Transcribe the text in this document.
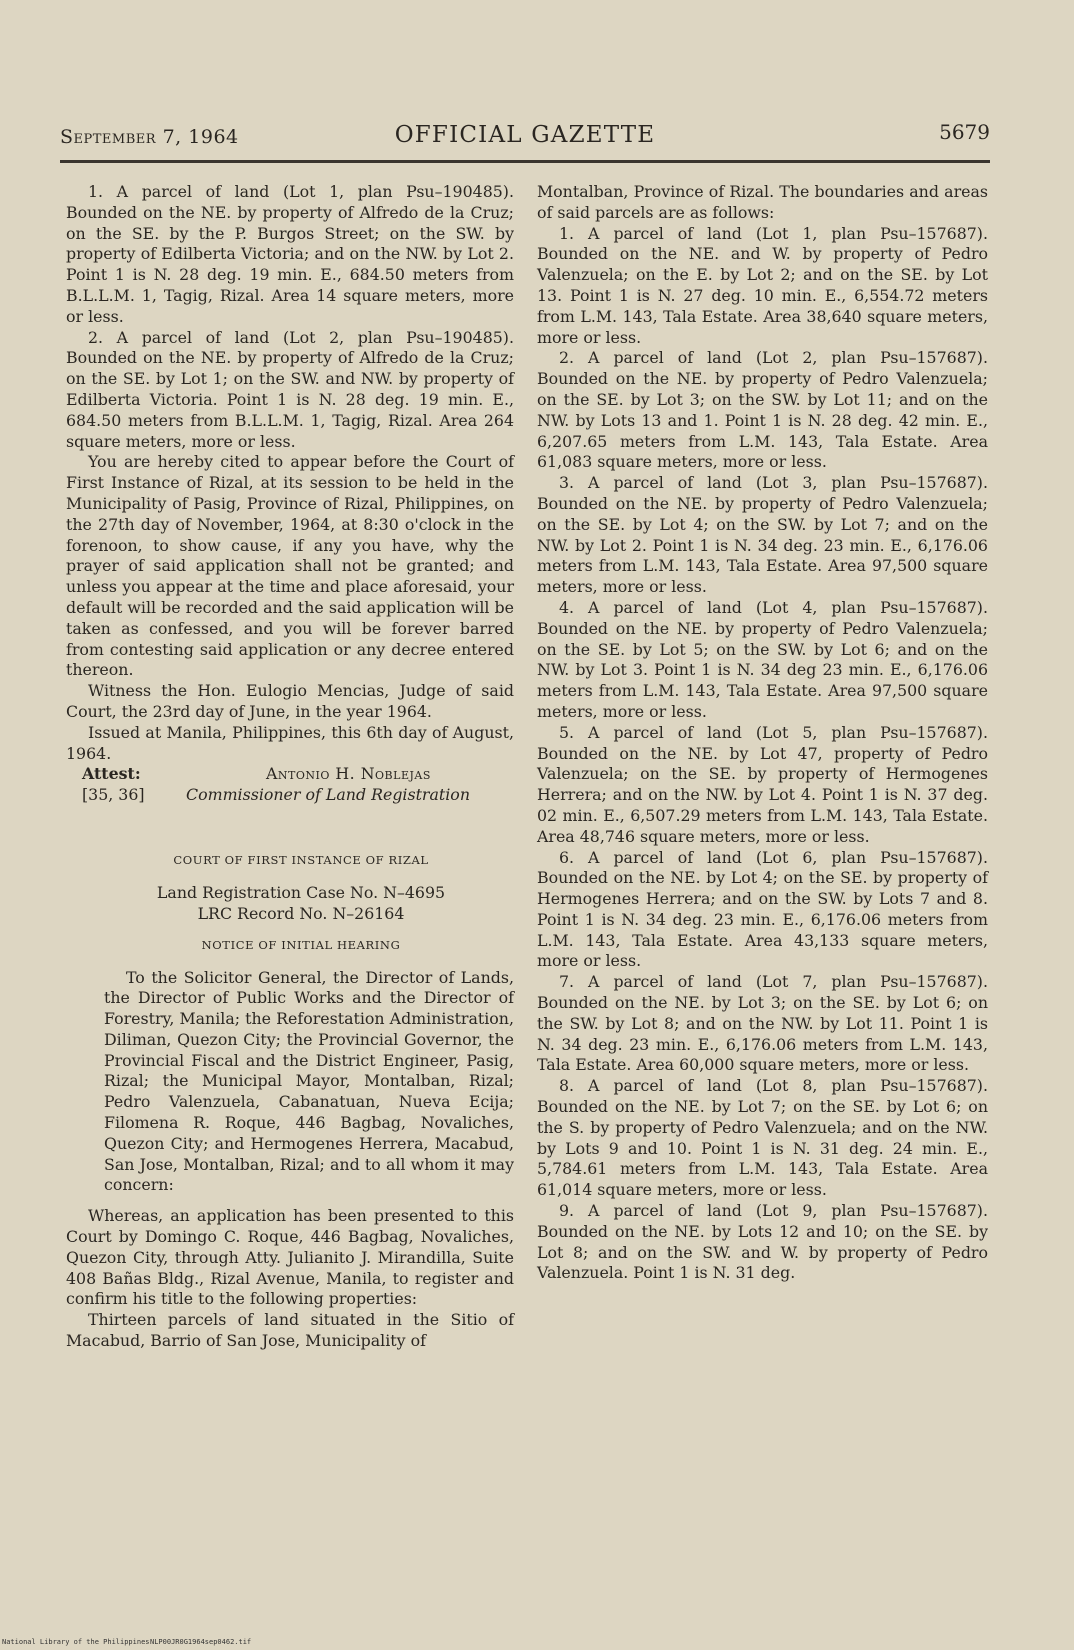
September 7, 1964	OFFICIAL GAZETTE	5679

1. A parcel of land (Lot 1, plan Psu–190485). Bounded on the NE. by property of Alfredo de la Cruz; on the SE. by the P. Burgos Street; on the SW. by property of Edilberta Victoria; and on the NW. by Lot 2. Point 1 is N. 28 deg. 19 min. E., 684.50 meters from B.L.L.M. 1, Tagig, Rizal. Area 14 square meters, more or less.

2. A parcel of land (Lot 2, plan Psu–190485). Bounded on the NE. by property of Alfredo de la Cruz; on the SE. by Lot 1; on the SW. and NW. by property of Edilberta Victoria. Point 1 is N. 28 deg. 19 min. E., 684.50 meters from B.L.L.M. 1, Tagig, Rizal. Area 264 square meters, more or less.

You are hereby cited to appear before the Court of First Instance of Rizal, at its session to be held in the Municipality of Pasig, Province of Rizal, Philippines, on the 27th day of November, 1964, at 8:30 o'clock in the forenoon, to show cause, if any you have, why the prayer of said application shall not be granted; and unless you appear at the time and place aforesaid, your default will be recorded and the said application will be taken as confessed, and you will be forever barred from contesting said application or any decree entered thereon.

Witness the Hon. Eulogio Mencias, Judge of said Court, the 23rd day of June, in the year 1964.

Issued at Manila, Philippines, this 6th day of August, 1964.

Attest:	Antonio H. Noblejas
[35, 36]	Commissioner of Land Registration

COURT OF FIRST INSTANCE OF RIZAL

Land Registration Case No. N–4695

LRC Record No. N–26164

NOTICE OF INITIAL HEARING

To the Solicitor General, the Director of Lands, the Director of Public Works and the Director of Forestry, Manila; the Reforestation Administration, Diliman, Quezon City; the Provincial Governor, the Provincial Fiscal and the District Engineer, Pasig, Rizal; the Municipal Mayor, Montalban, Rizal; Pedro Valenzuela, Cabanatuan, Nueva Ecija; Filomena R. Roque, 446 Bagbag, Novaliches, Quezon City; and Hermogenes Herrera, Macabud, San Jose, Montalban, Rizal; and to all whom it may concern:

Whereas, an application has been presented to this Court by Domingo C. Roque, 446 Bagbag, Novaliches, Quezon City, through Atty. Julianito J. Mirandilla, Suite 408 Bañas Bldg., Rizal Avenue, Manila, to register and confirm his title to the following properties:

Thirteen parcels of land situated in the Sitio of Macabud, Barrio of San Jose, Municipality of

Montalban, Province of Rizal. The boundaries and areas of said parcels are as follows:

1. A parcel of land (Lot 1, plan Psu–157687). Bounded on the NE. and W. by property of Pedro Valenzuela; on the E. by Lot 2; and on the SE. by Lot 13. Point 1 is N. 27 deg. 10 min. E., 6,554.72 meters from L.M. 143, Tala Estate. Area 38,640 square meters, more or less.

2. A parcel of land (Lot 2, plan Psu–157687). Bounded on the NE. by property of Pedro Valenzuela; on the SE. by Lot 3; on the SW. by Lot 11; and on the NW. by Lots 13 and 1. Point 1 is N. 28 deg. 42 min. E., 6,207.65 meters from L.M. 143, Tala Estate. Area 61,083 square meters, more or less.

3. A parcel of land (Lot 3, plan Psu–157687). Bounded on the NE. by property of Pedro Valenzuela; on the SE. by Lot 4; on the SW. by Lot 7; and on the NW. by Lot 2. Point 1 is N. 34 deg. 23 min. E., 6,176.06 meters from L.M. 143, Tala Estate. Area 97,500 square meters, more or less.

4. A parcel of land (Lot 4, plan Psu–157687). Bounded on the NE. by property of Pedro Valenzuela; on the SE. by Lot 5; on the SW. by Lot 6; and on the NW. by Lot 3. Point 1 is N. 34 deg 23 min. E., 6,176.06 meters from L.M. 143, Tala Estate. Area 97,500 square meters, more or less.

5. A parcel of land (Lot 5, plan Psu–157687). Bounded on the NE. by Lot 47, property of Pedro Valenzuela; on the SE. by property of Hermogenes Herrera; and on the NW. by Lot 4. Point 1 is N. 37 deg. 02 min. E., 6,507.29 meters from L.M. 143, Tala Estate. Area 48,746 square meters, more or less.

6. A parcel of land (Lot 6, plan Psu–157687). Bounded on the NE. by Lot 4; on the SE. by property of Hermogenes Herrera; and on the SW. by Lots 7 and 8. Point 1 is N. 34 deg. 23 min. E., 6,176.06 meters from L.M. 143, Tala Estate. Area 43,133 square meters, more or less.

7. A parcel of land (Lot 7, plan Psu–157687). Bounded on the NE. by Lot 3; on the SE. by Lot 6; on the SW. by Lot 8; and on the NW. by Lot 11. Point 1 is N. 34 deg. 23 min. E., 6,176.06 meters from L.M. 143, Tala Estate. Area 60,000 square meters, more or less.

8. A parcel of land (Lot 8, plan Psu–157687). Bounded on the NE. by Lot 7; on the SE. by Lot 6; on the S. by property of Pedro Valenzuela; and on the NW. by Lots 9 and 10. Point 1 is N. 31 deg. 24 min. E., 5,784.61 meters from L.M. 143, Tala Estate. Area 61,014 square meters, more or less.

9. A parcel of land (Lot 9, plan Psu–157687). Bounded on the NE. by Lots 12 and 10; on the SE. by Lot 8; and on the SW. and W. by property of Pedro Valenzuela. Point 1 is N. 31 deg.

National Library of the Philippines NLP00JR0G1964sep0462.tif
